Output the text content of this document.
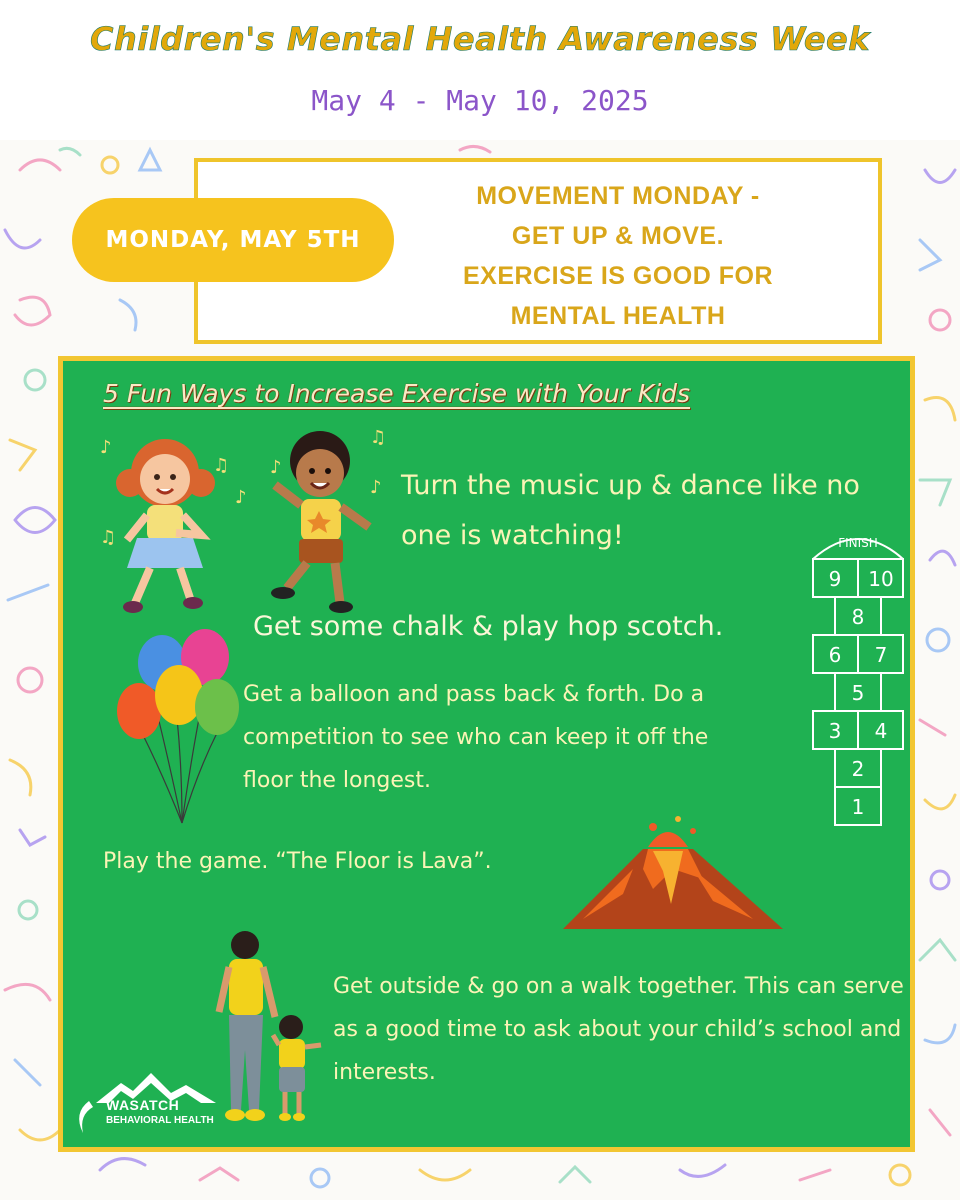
Children's Mental Health Awareness Week
May 4 - May 10, 2025
MOVEMENT MONDAY -
GET UP & MOVE.
EXERCISE IS GOOD FOR
MENTAL HEALTH
MONDAY, MAY 5TH
5 Fun Ways to Increase Exercise with Your Kids
♪
♫
♪
♫
♪
♫
♪ Turn the music up & dance like no one is watching!
Get some chalk & play hop scotch.
Get a balloon and pass back & forth. Do a competition to see who can keep it off the floor the longest.
Play the game. “The Floor is Lava”.
FINISH
9 10
8
6 7
5
3 4
2
1
Get outside & go on a walk together. This can serve as a good time to ask about your child’s school and interests.
WASATCH
BEHAVIORAL HEALTH
